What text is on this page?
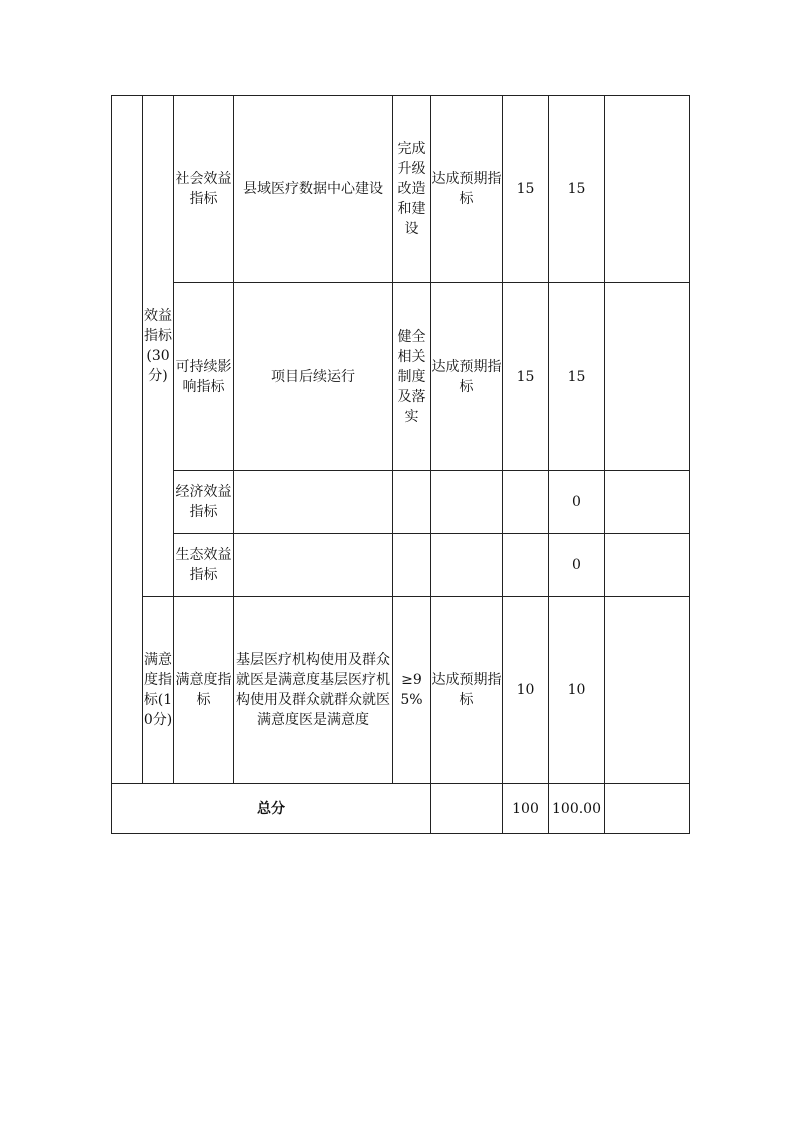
	效益指标(30分)	社会效益指标	县域医疗数据中心建设	完成升级改造和建设	达成预期指标	15	15	
		可持续影响指标	项目后续运行	健全相关制度及落实	达成预期指标	15	15	
		经济效益指标					0	
		生态效益指标					0	
	满意度指标(10分)	满意度指标	基层医疗机构使用及群众就医是满意度基层医疗机构使用及群众就群众就医满意度医是满意度	≥95%	达成预期指标	10	10	
总分						100	100.00	
